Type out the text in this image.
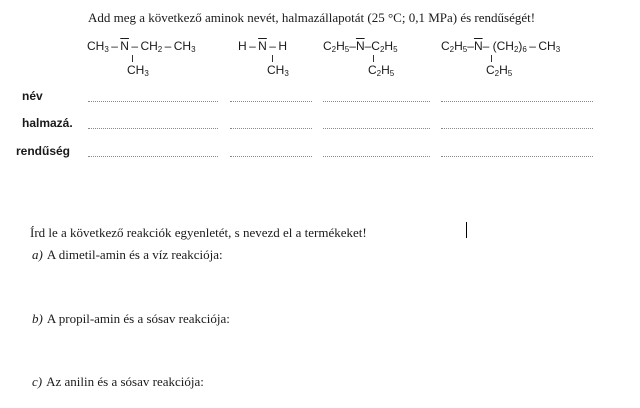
Add meg a következő aminok nevét, halmazállapotát (25 °C; 0,1 MPa) és rendűségét!
$CH_3 - \overline{N} - CH_2 - CH_3$
$CH_3$
H – $\overline{N}$ – H
$CH_3$
$C_2H_5-\overline{N}-C_2H_5$
$C_2H_5$
$C_2H_5-\overline{N}-$ $(CH_2)_6 - CH_3$
$C_2H_5$
név
halmazá.
rendűség
Írd le a következő reakciók egyenletét, s nevezd el a termékeket!
a) A dimetil-amin és a víz reakciója:
b) A propil-amin és a sósav reakciója:
c) Az anilin és a sósav reakciója:
